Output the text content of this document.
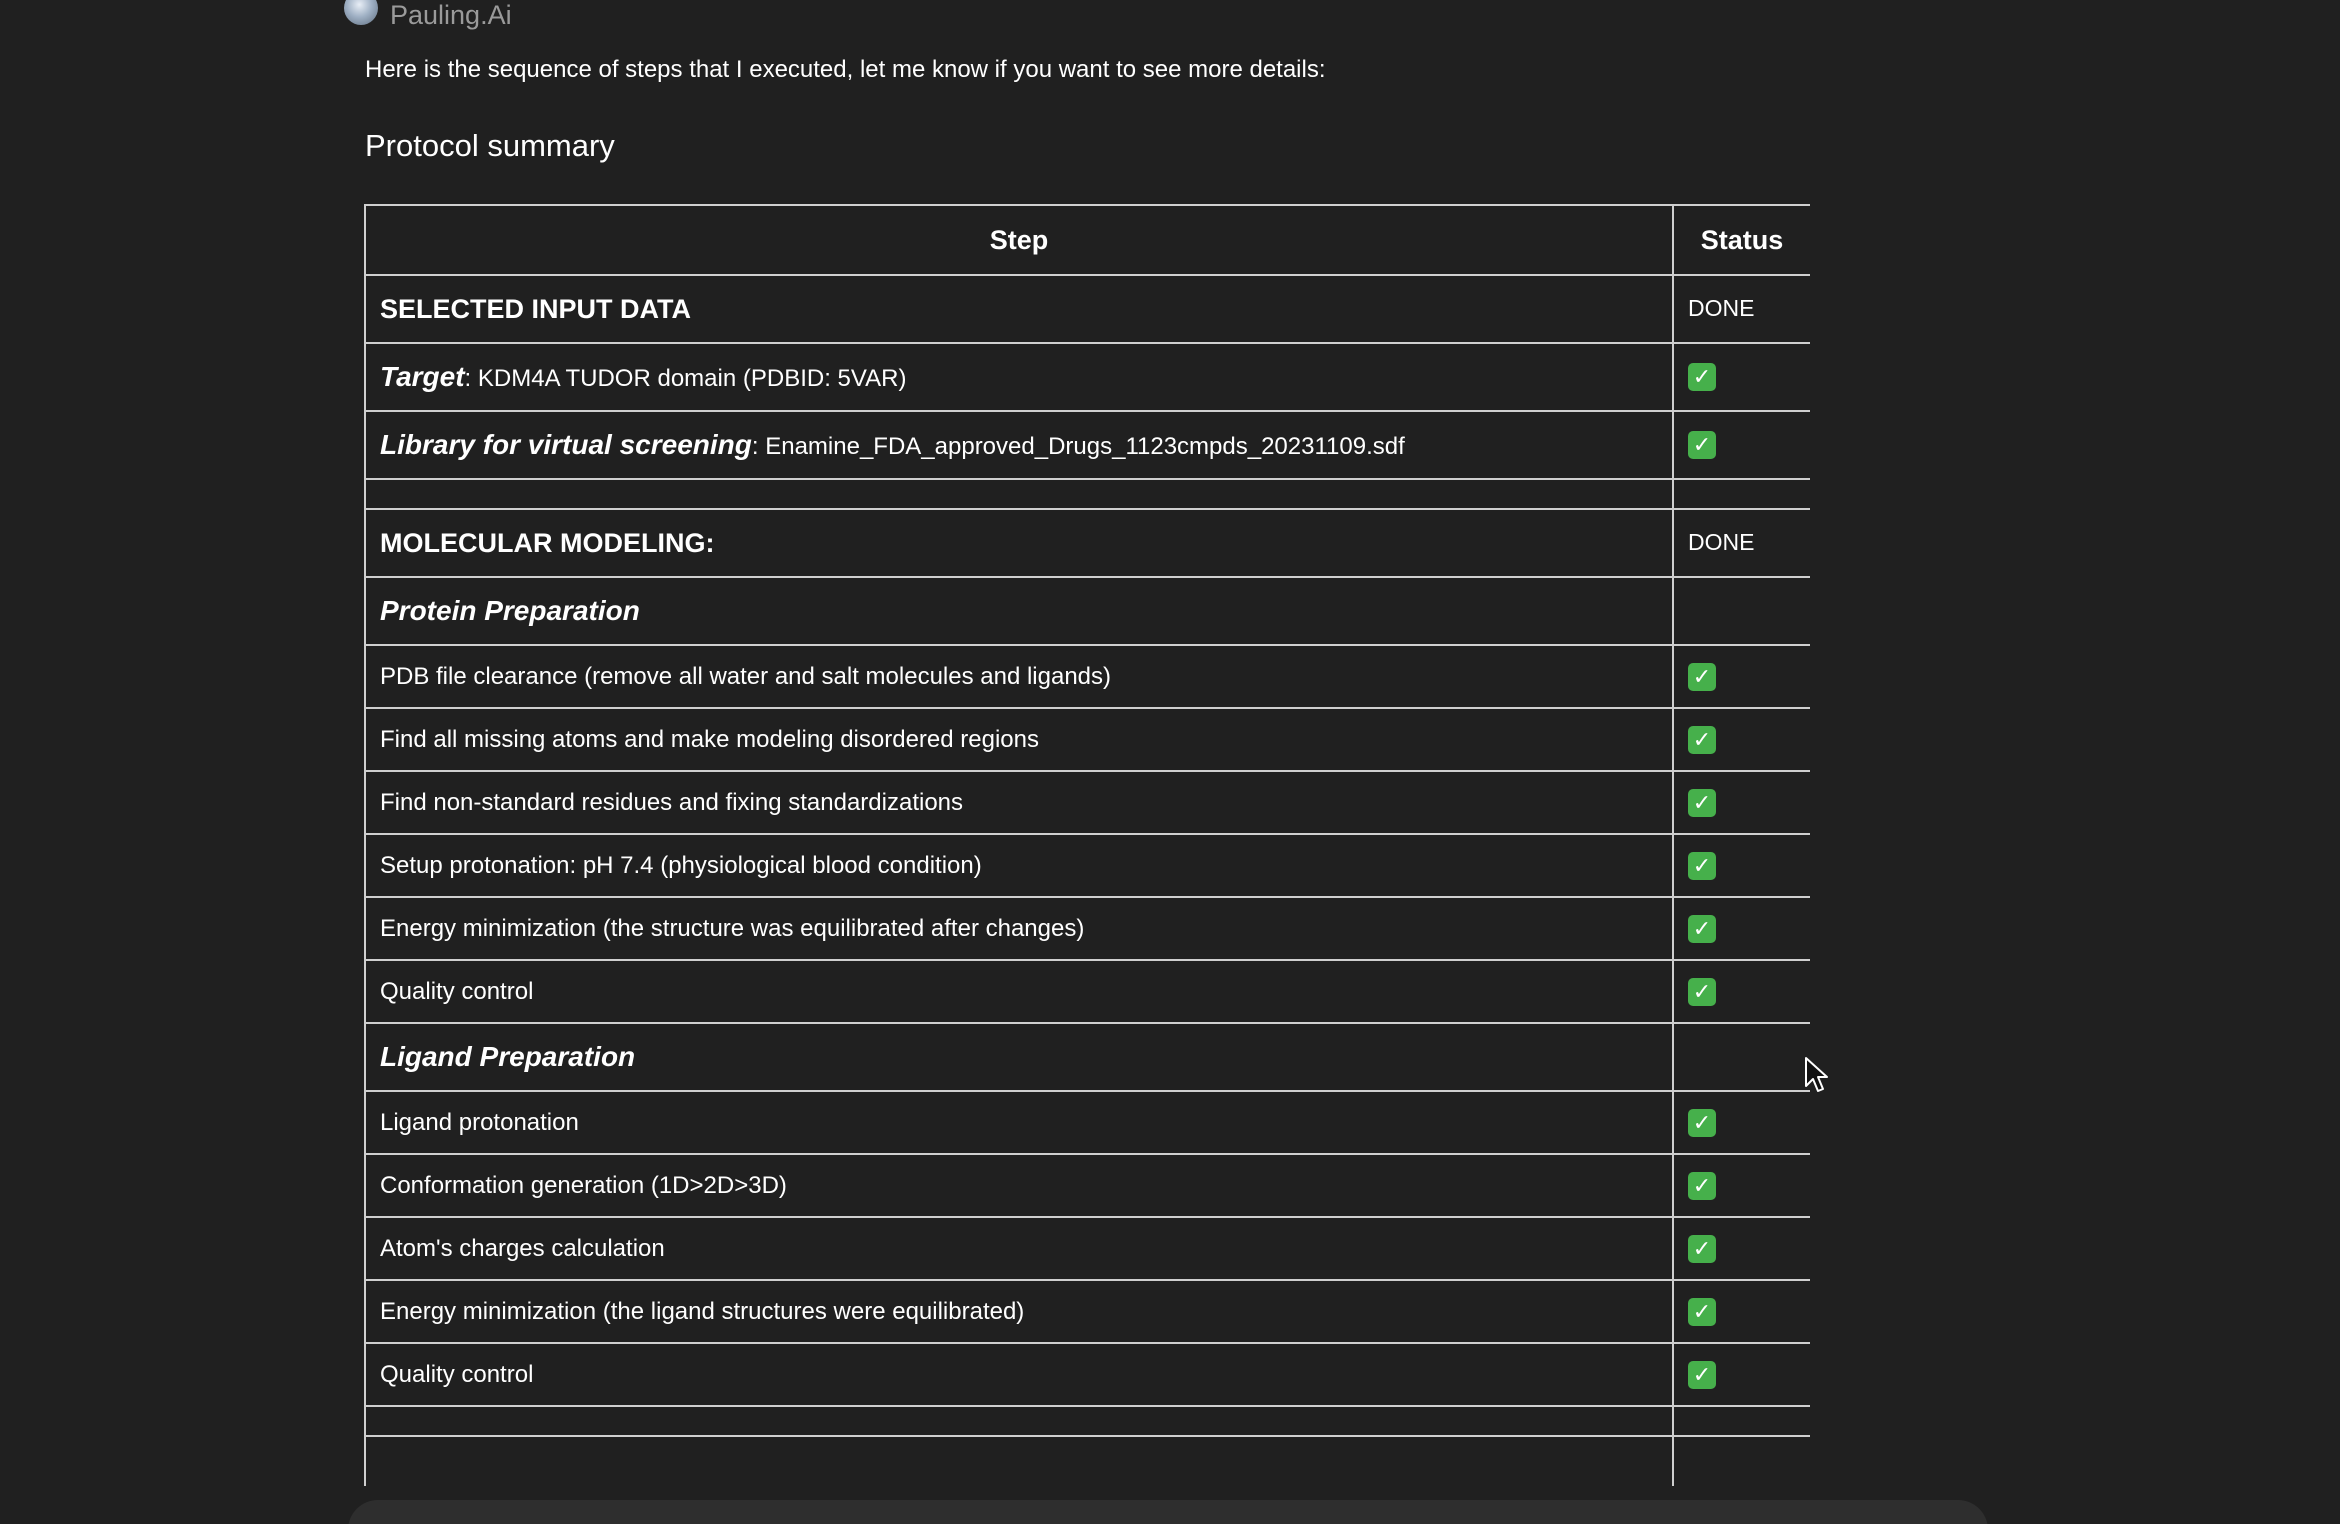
Pauling.Ai
Here is the sequence of steps that I executed, let me know if you want to see more details:
Protocol summary
Step	Status
SELECTED INPUT DATA	DONE
Target: KDM4A TUDOR domain (PDBID: 5VAR)	✓
Library for virtual screening: Enamine_FDA_approved_Drugs_1123cmpds_20231109.sdf	✓

MOLECULAR MODELING:	DONE
Protein Preparation	
PDB file clearance (remove all water and salt molecules and ligands)	✓
Find all missing atoms and make modeling disordered regions	✓
Find non-standard residues and fixing standardizations	✓
Setup protonation: pH 7.4 (physiological blood condition)	✓
Energy minimization (the structure was equilibrated after changes)	✓
Quality control	✓
Ligand Preparation	
Ligand protonation	✓
Conformation generation (1D>2D>3D)	✓
Atom's charges calculation	✓
Energy minimization (the ligand structures were equilibrated)	✓
Quality control	✓
